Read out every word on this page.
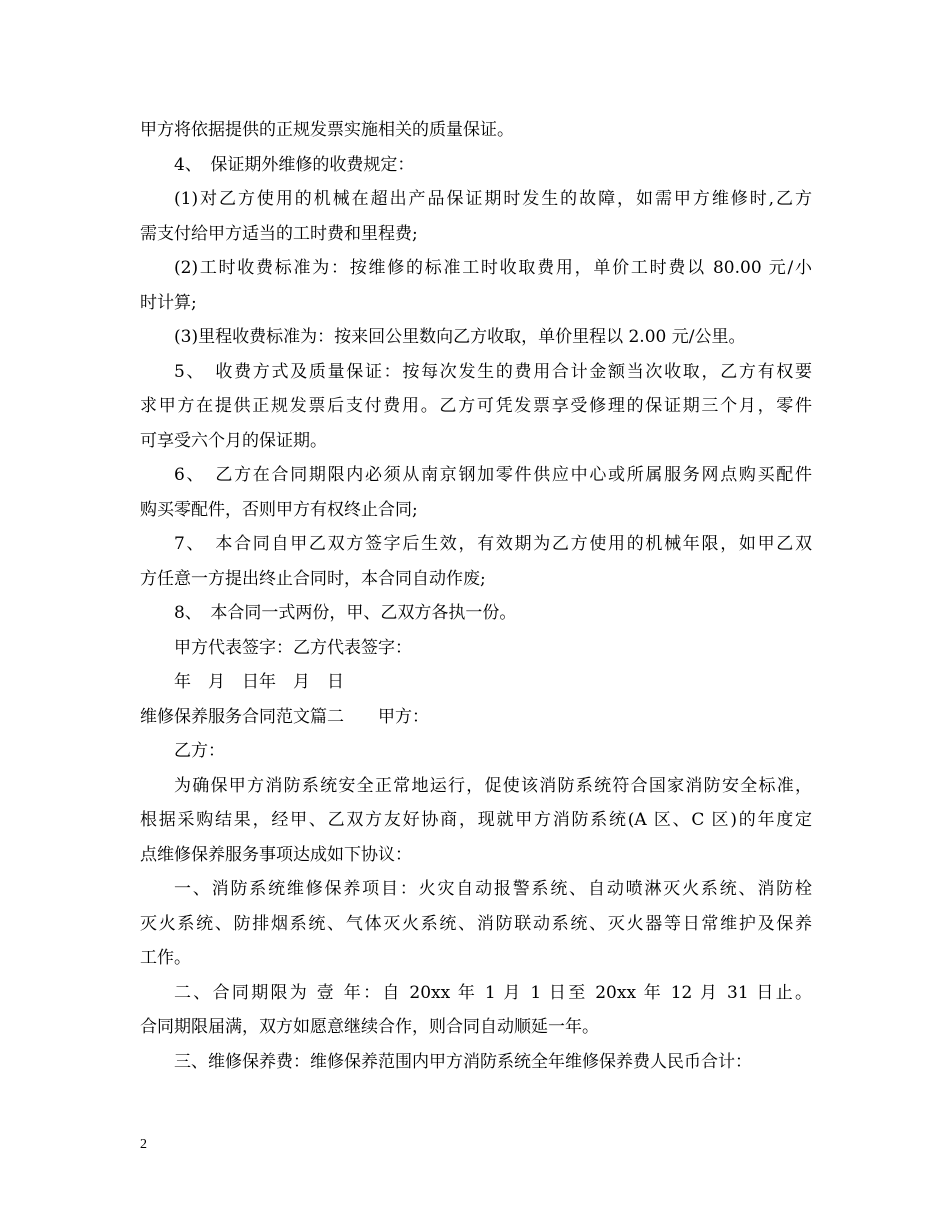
甲方将依据提供的正规发票实施相关的质量保证。
4、　保证期外维修的收费规定：
(1)对乙方使用的机械在超出产品保证期时发生的故障，如需甲方维修时,乙方
需支付给甲方适当的工时费和里程费;
(2)工时收费标准为：按维修的标准工时收取费用，单价工时费以 80.00 元/小
时计算;
(3)里程收费标准为：按来回公里数向乙方收取，单价里程以 2.00 元/公里。
5、　收费方式及质量保证：按每次发生的费用合计金额当次收取，乙方有权要
求甲方在提供正规发票后支付费用。乙方可凭发票享受修理的保证期三个月，零件
可享受六个月的保证期。
6、　乙方在合同期限内必须从南京钢加零件供应中心或所属服务网点购买配件
购买零配件，否则甲方有权终止合同;
7、　本合同自甲乙双方签字后生效，有效期为乙方使用的机械年限，如甲乙双
方任意一方提出终止合同时，本合同自动作废;
8、　本合同一式两份，甲、乙双方各执一份。
甲方代表签字：乙方代表签字：
年　月　日年　月　日
维修保养服务合同范文篇二 甲方：
乙方：
为确保甲方消防系统安全正常地运行，促使该消防系统符合国家消防安全标准，
根据采购结果，经甲、乙双方友好协商，现就甲方消防系统(A 区、C 区)的年度定
点维修保养服务事项达成如下协议：
一、消防系统维修保养项目：火灾自动报警系统、自动喷淋灭火系统、消防栓
灭火系统、防排烟系统、气体灭火系统、消防联动系统、灭火器等日常维护及保养
工作。
二、合同期限为 壹 年：自 20xx 年 1 月 1 日至 20xx 年 12 月 31 日止。
合同期限届满，双方如愿意继续合作，则合同自动顺延一年。
三、维修保养费：维修保养范围内甲方消防系统全年维修保养费人民币合计：
2
